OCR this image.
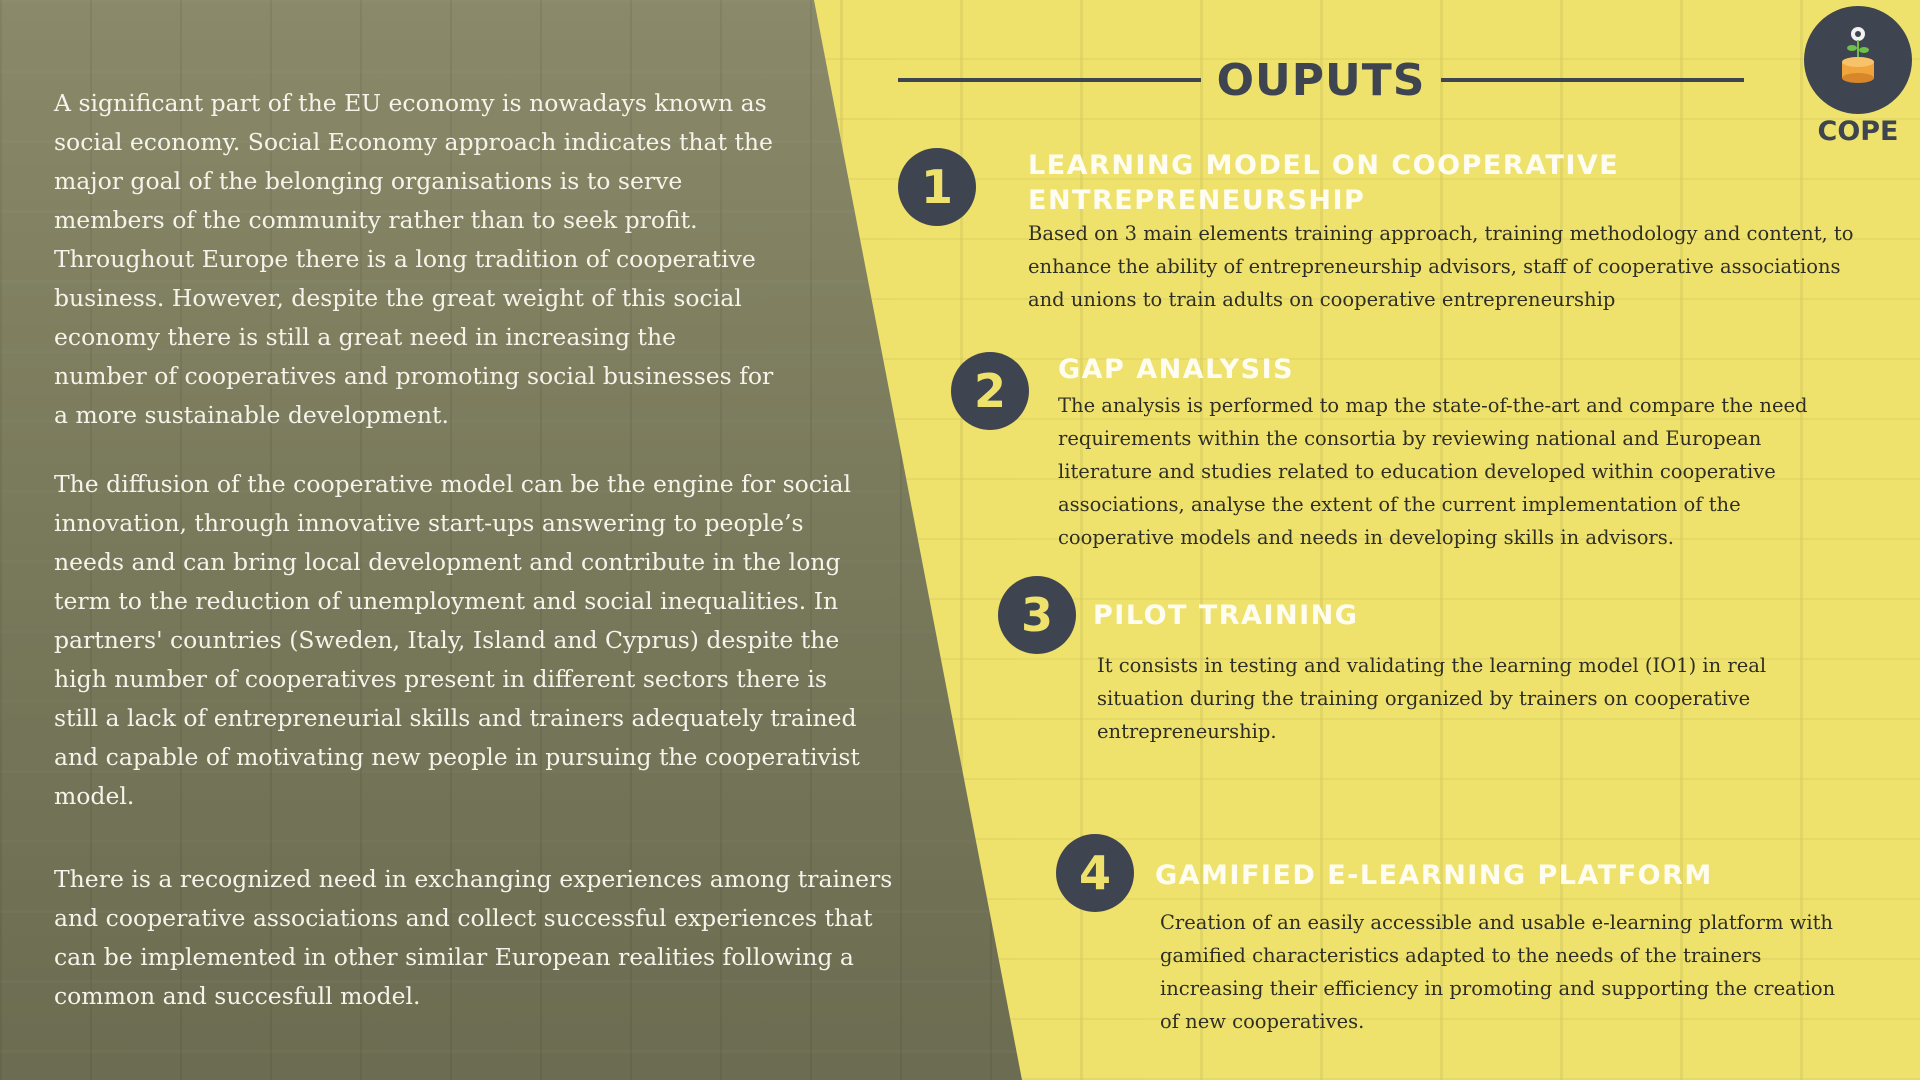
A significant part of the EU economy is nowadays known as social economy. Social Economy approach indicates that the major goal of the belonging organisations is to serve members of the community rather than to seek profit. Throughout Europe there is a long tradition of cooperative business. However, despite the great weight of this social economy there is still a great need in increasing the number of cooperatives and promoting social businesses for a more sustainable development.

The diffusion of the cooperative model can be the engine for social innovation, through innovative start-ups answering to people’s needs and can bring local development and contribute in the long term to the reduction of unemployment and social inequalities. In partners' countries (Sweden, Italy, Island and Cyprus) despite the high number of cooperatives present in different sectors there is still a lack of entrepreneurial skills and trainers adequately trained and capable of motivating new people in pursuing the cooperativist model.

There is a recognized need in exchanging experiences among trainers and cooperative associations and collect successful experiences that can be implemented in other similar European realities following a common and succesfull model.

OUPUTS
COPE
1	LEARNING MODEL ON COOPERATIVE ENTREPRENEURSHIP
Based on 3 main elements training approach, training methodology and content, to enhance the ability of entrepreneurship advisors, staff of cooperative associations and unions to train adults on cooperative entrepreneurship
2	GAP ANALYSIS
The analysis is performed to map the state-of-the-art and compare the need requirements within the consortia by reviewing national and European literature and studies related to education developed within cooperative associations, analyse the extent of the current implementation of the cooperative models and needs in developing skills in advisors.
3	PILOT TRAINING
It consists in testing and validating the learning model (IO1) in real situation during the training organized by trainers on cooperative entrepreneurship.
4	GAMIFIED E-LEARNING PLATFORM
Creation of an easily accessible and usable e-learning platform with gamified characteristics adapted to the needs of the trainers increasing their efficiency in promoting and supporting the creation of new cooperatives.
